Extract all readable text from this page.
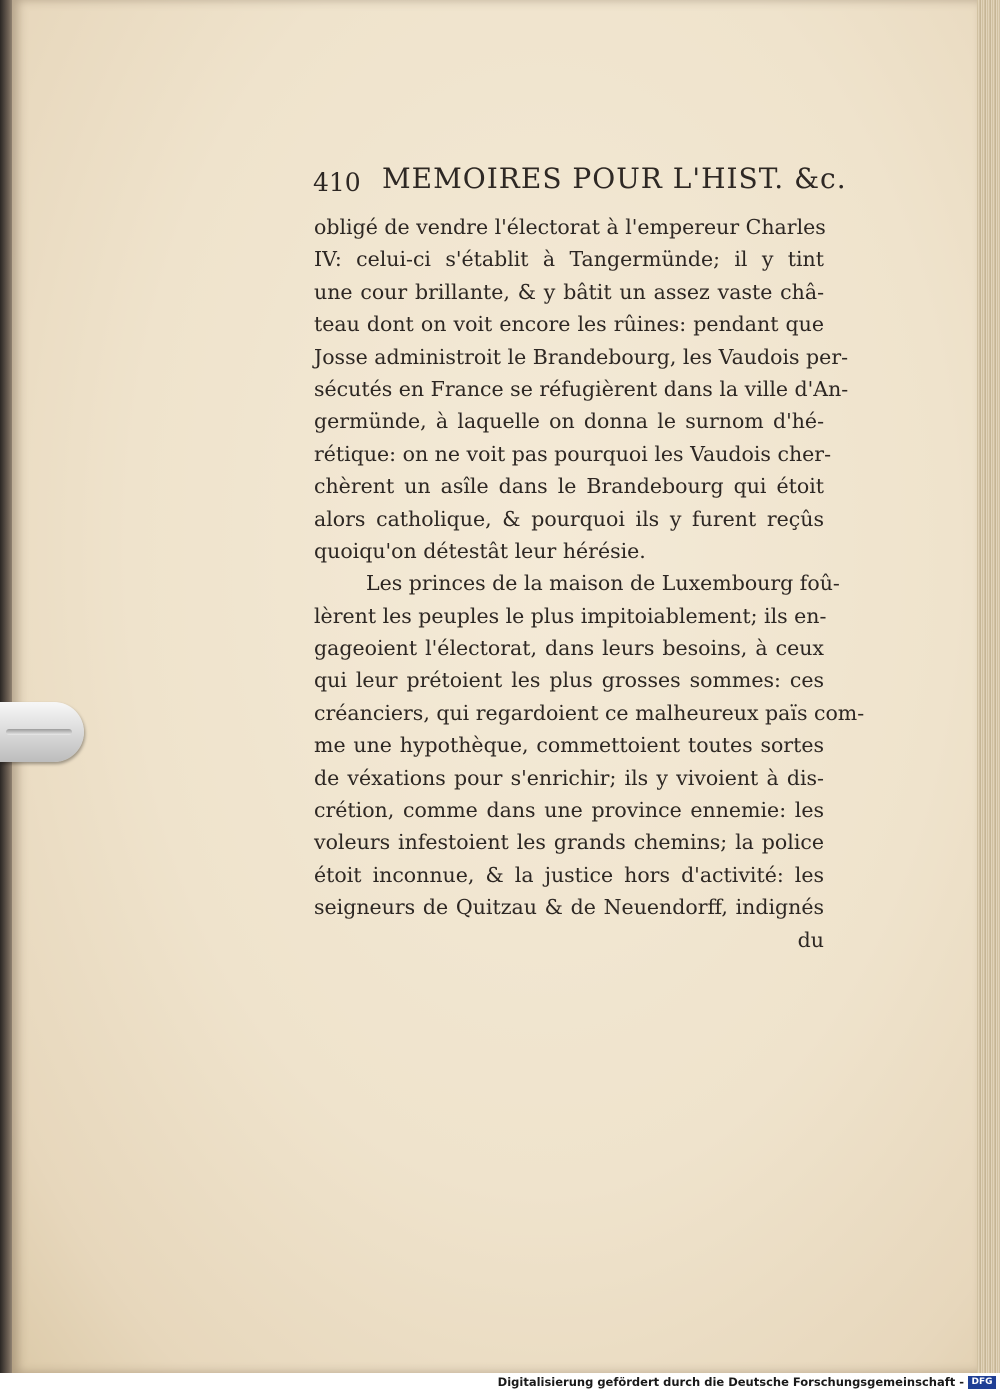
410 MEMOIRES POUR L'HIST. &c.
obligé de vendre l'électorat à l'empereur Charles
IV: celui-ci s'établit à Tangermünde; il y tint
une cour brillante, & y bâtit un assez vaste châ-
teau dont on voit encore les rûines: pendant que
Josse administroit le Brandebourg, les Vaudois per-
sécutés en France se réfugièrent dans la ville d'An-
germünde, à laquelle on donna le surnom d'hé-
rétique: on ne voit pas pourquoi les Vaudois cher-
chèrent un asîle dans le Brandebourg qui étoit
alors catholique, & pourquoi ils y furent reçûs
quoiqu'on détestât leur hérésie.
Les princes de la maison de Luxembourg foû-
lèrent les peuples le plus impitoiablement; ils en-
gageoient l'électorat, dans leurs besoins, à ceux
qui leur prétoient les plus grosses sommes: ces
créanciers, qui regardoient ce malheureux païs com-
me une hypothèque, commettoient toutes sortes
de véxations pour s'enrichir; ils y vivoient à dis-
crétion, comme dans une province ennemie: les
voleurs infestoient les grands chemins; la police
étoit inconnue, & la justice hors d'activité: les
seigneurs de Quitzau & de Neuendorff, indignés
du
Digitalisierung gefördert durch die Deutsche Forschungsgemeinschaft - DFG
